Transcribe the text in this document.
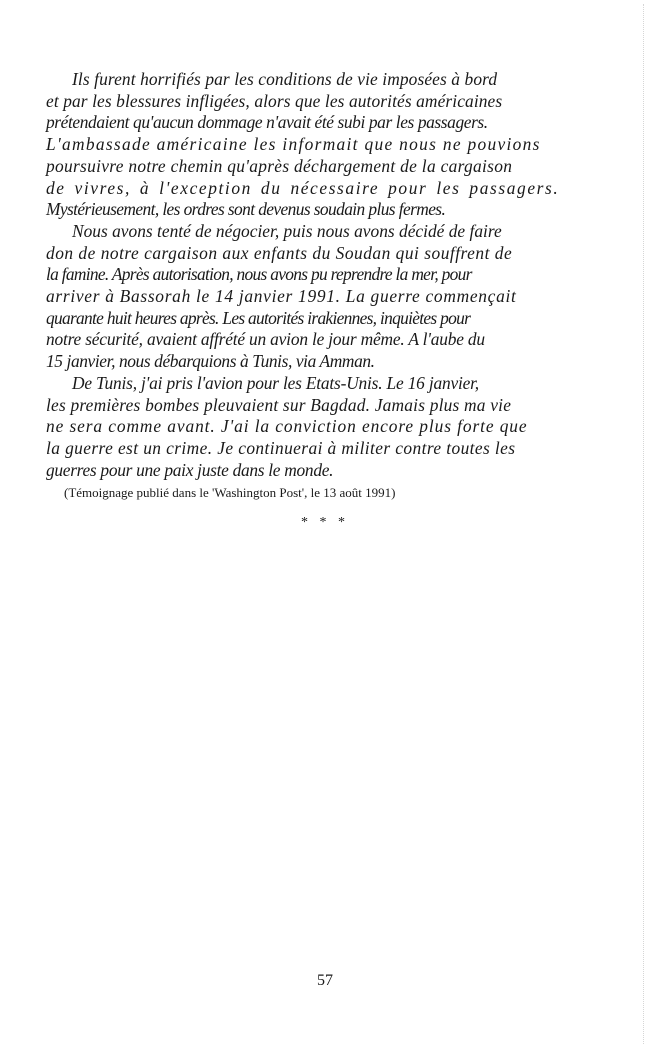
Ils furent horrifiés par les conditions de vie imposées à bord
et par les blessures infligées, alors que les autorités américaines
prétendaient qu'aucun dommage n'avait été subi par les passagers.
L'ambassade américaine les informait que nous ne pouvions
poursuivre notre chemin qu'après déchargement de la cargaison
de vivres, à l'exception du nécessaire pour les passagers.
Mystérieusement, les ordres sont devenus soudain plus fermes.
Nous avons tenté de négocier, puis nous avons décidé de faire
don de notre cargaison aux enfants du Soudan qui souffrent de
la famine. Après autorisation, nous avons pu reprendre la mer, pour
arriver à Bassorah le 14 janvier 1991. La guerre commençait
quarante huit heures après. Les autorités irakiennes, inquiètes pour
notre sécurité, avaient affrété un avion le jour même. A l'aube du
15 janvier, nous débarquions à Tunis, via Amman.
De Tunis, j'ai pris l'avion pour les Etats-Unis. Le 16 janvier,
les premières bombes pleuvaient sur Bagdad. Jamais plus ma vie
ne sera comme avant. J'ai la conviction encore plus forte que
la guerre est un crime. Je continuerai à militer contre toutes les
guerres pour une paix juste dans le monde.
(Témoignage publié dans le 'Washington Post', le 13 août 1991)
* * *
57
